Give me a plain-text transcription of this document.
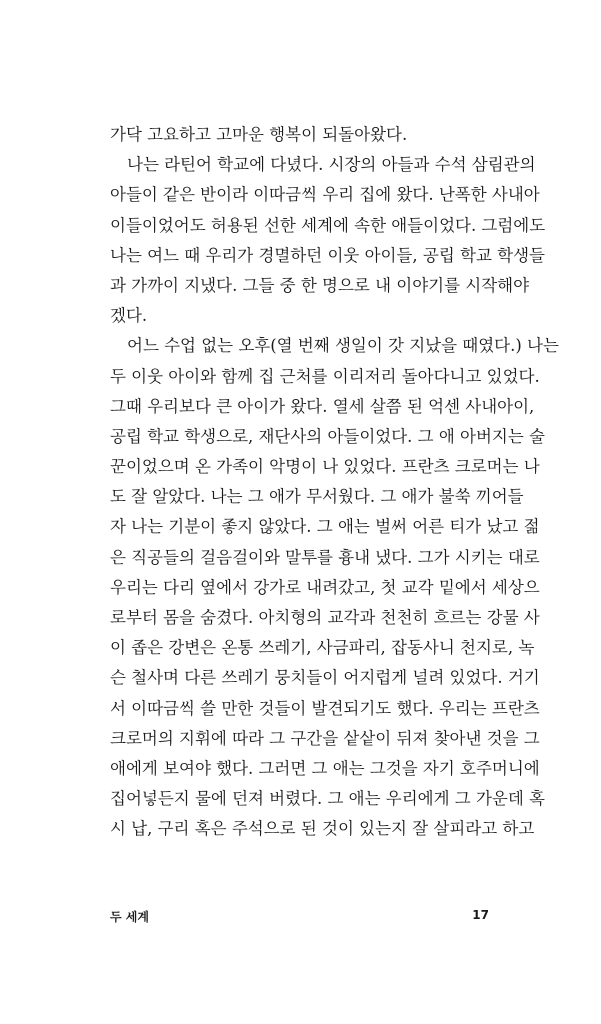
가닥 고요하고 고마운 행복이 되돌아왔다.
나는 라틴어 학교에 다녔다. 시장의 아들과 수석 삼림관의
아들이 같은 반이라 이따금씩 우리 집에 왔다. 난폭한 사내아
이들이었어도 허용된 선한 세계에 속한 애들이었다. 그럼에도
나는 여느 때 우리가 경멸하던 이웃 아이들, 공립 학교 학생들
과 가까이 지냈다. 그들 중 한 명으로 내 이야기를 시작해야
겠다.
어느 수업 없는 오후(열 번째 생일이 갓 지났을 때였다.) 나는
두 이웃 아이와 함께 집 근처를 이리저리 돌아다니고 있었다.
그때 우리보다 큰 아이가 왔다. 열세 살쯤 된 억센 사내아이,
공립 학교 학생으로, 재단사의 아들이었다. 그 애 아버지는 술
꾼이었으며 온 가족이 악명이 나 있었다. 프란츠 크로머는 나
도 잘 알았다. 나는 그 애가 무서웠다. 그 애가 불쑥 끼어들
자 나는 기분이 좋지 않았다. 그 애는 벌써 어른 티가 났고 젊
은 직공들의 걸음걸이와 말투를 흉내 냈다. 그가 시키는 대로
우리는 다리 옆에서 강가로 내려갔고, 첫 교각 밑에서 세상으
로부터 몸을 숨겼다. 아치형의 교각과 천천히 흐르는 강물 사
이 좁은 강변은 온통 쓰레기, 사금파리, 잡동사니 천지로, 녹
슨 철사며 다른 쓰레기 뭉치들이 어지럽게 널려 있었다. 거기
서 이따금씩 쓸 만한 것들이 발견되기도 했다. 우리는 프란츠
크로머의 지휘에 따라 그 구간을 샅샅이 뒤져 찾아낸 것을 그
애에게 보여야 했다. 그러면 그 애는 그것을 자기 호주머니에
집어넣든지 물에 던져 버렸다. 그 애는 우리에게 그 가운데 혹
시 납, 구리 혹은 주석으로 된 것이 있는지 잘 살피라고 하고
두 세계	17
